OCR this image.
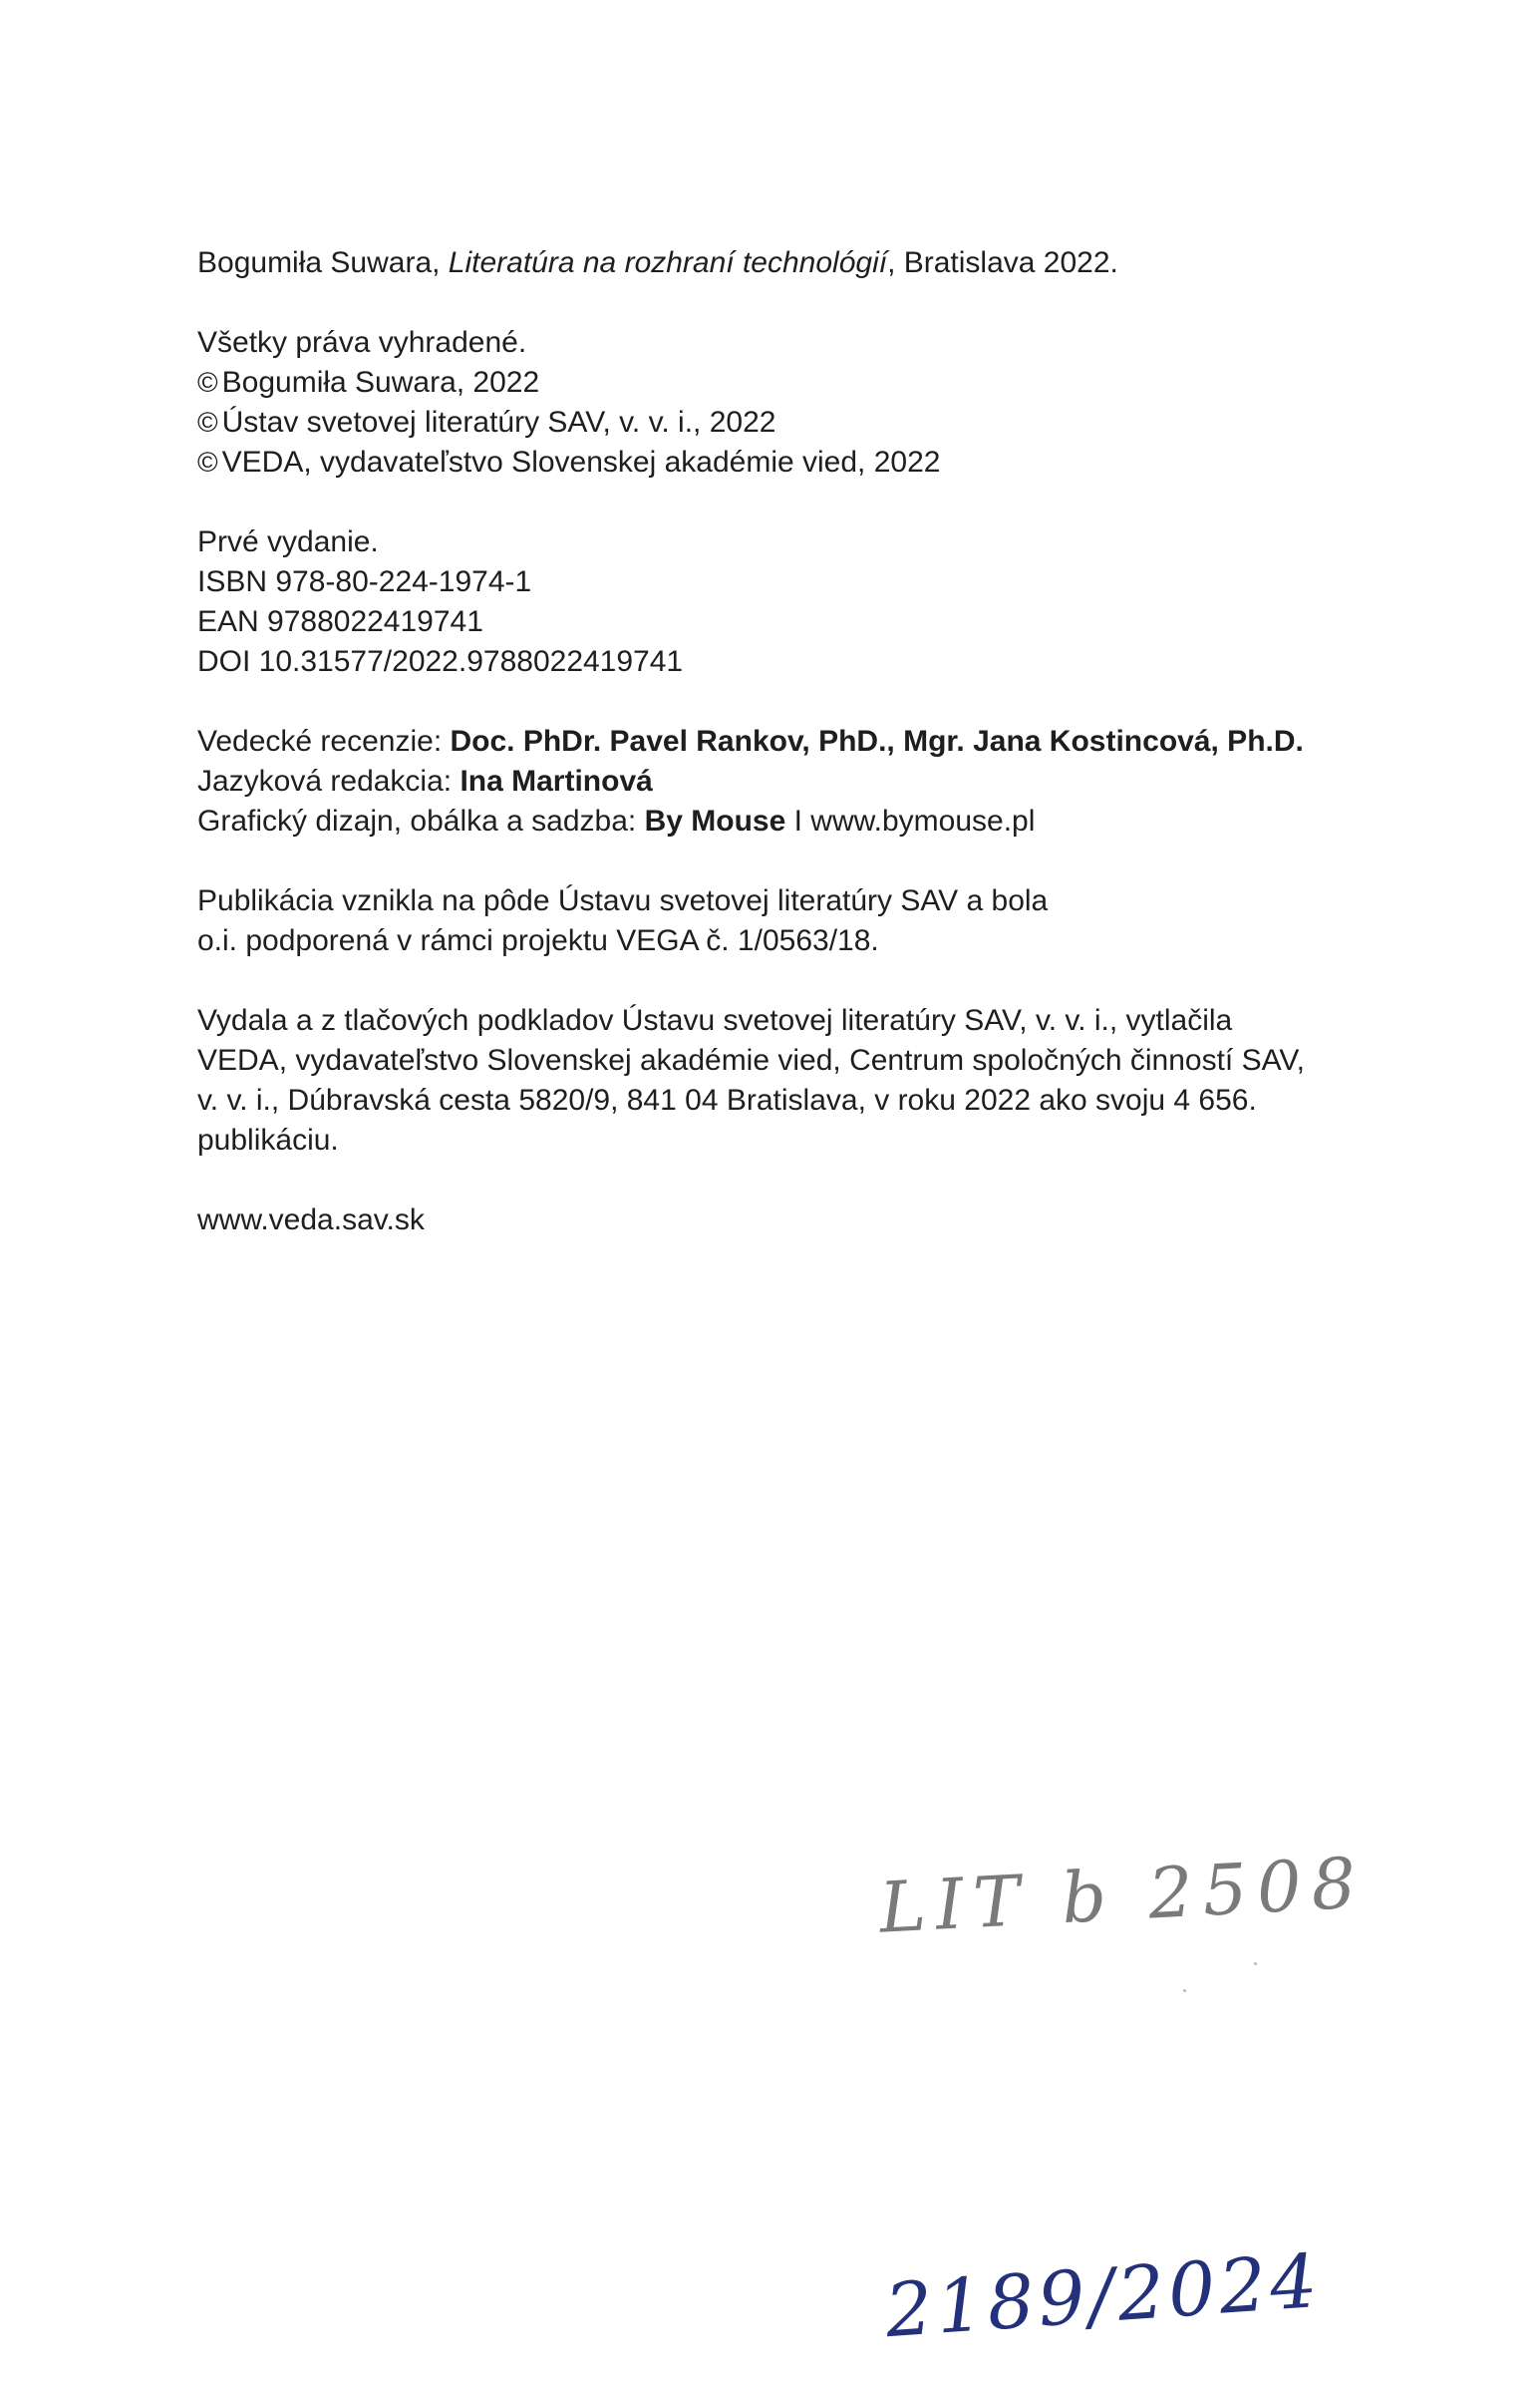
Bogumiła Suwara, Literatúra na rozhraní technológií, Bratislava 2022.
Všetky práva vyhradené.
© Bogumiła Suwara, 2022
© Ústav svetovej literatúry SAV, v. v. i., 2022
© VEDA, vydavateľstvo Slovenskej akadémie vied, 2022
Prvé vydanie.
ISBN 978-80-224-1974-1
EAN 9788022419741
DOI 10.31577/2022.9788022419741
Vedecké recenzie: Doc. PhDr. Pavel Rankov, PhD., Mgr. Jana Kostincová, Ph.D.
Jazyková redakcia: Ina Martinová
Grafický dizajn, obálka a sadzba: By Mouse I www.bymouse.pl
Publikácia vznikla na pôde Ústavu svetovej literatúry SAV a bola
o.i. podporená v rámci projektu VEGA č. 1/0563/18.
Vydala a z tlačových podkladov Ústavu svetovej literatúry SAV, v. v. i., vytlačila
VEDA, vydavateľstvo Slovenskej akadémie vied, Centrum spoločných činností SAV,
v. v. i., Dúbravská cesta 5820/9, 841 04 Bratislava, v roku 2022 ako svoju 4 656.
publikáciu.
www.veda.sav.sk
LIT b 2508
2189/2024
